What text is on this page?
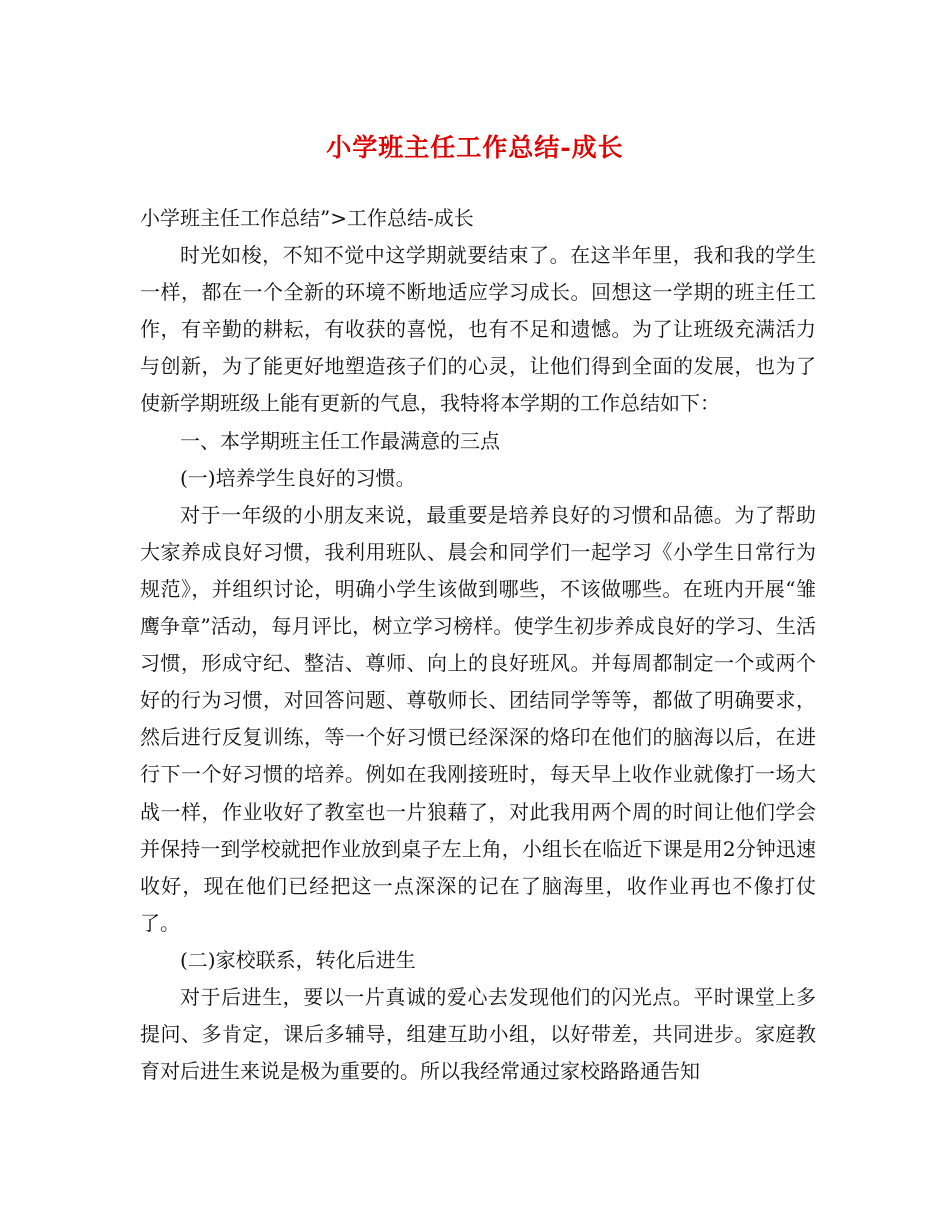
小学班主任工作总结-成长

小学班主任工作总结”>工作总结-成长

时光如梭，不知不觉中这学期就要结束了。在这半年里，我和我的学生一样，都在一个全新的环境不断地适应学习成长。回想这一学期的班主任工作，有辛勤的耕耘，有收获的喜悦，也有不足和遗憾。为了让班级充满活力与创新，为了能更好地塑造孩子们的心灵，让他们得到全面的发展，也为了使新学期班级上能有更新的气息，我特将本学期的工作总结如下：

一、本学期班主任工作最满意的三点

(一)培养学生良好的习惯。

对于一年级的小朋友来说，最重要是培养良好的习惯和品德。为了帮助大家养成良好习惯，我利用班队、晨会和同学们一起学习《小学生日常行为规范》，并组织讨论，明确小学生该做到哪些，不该做哪些。在班内开展“雏鹰争章”活动，每月评比，树立学习榜样。使学生初步养成良好的学习、生活习惯，形成守纪、整洁、尊师、向上的良好班风。并每周都制定一个或两个好的行为习惯，对回答问题、尊敬师长、团结同学等等，都做了明确要求，然后进行反复训练，等一个好习惯已经深深的烙印在他们的脑海以后，在进行下一个好习惯的培养。例如在我刚接班时，每天早上收作业就像打一场大战一样，作业收好了教室也一片狼藉了，对此我用两个周的时间让他们学会并保持一到学校就把作业放到桌子左上角，小组长在临近下课是用2分钟迅速收好，现在他们已经把这一点深深的记在了脑海里，收作业再也不像打仗了。

(二)家校联系，转化后进生

对于后进生，要以一片真诚的爱心去发现他们的闪光点。平时课堂上多提问、多肯定，课后多辅导，组建互助小组，以好带差，共同进步。家庭教育对后进生来说是极为重要的。所以我经常通过家校路路通告知
